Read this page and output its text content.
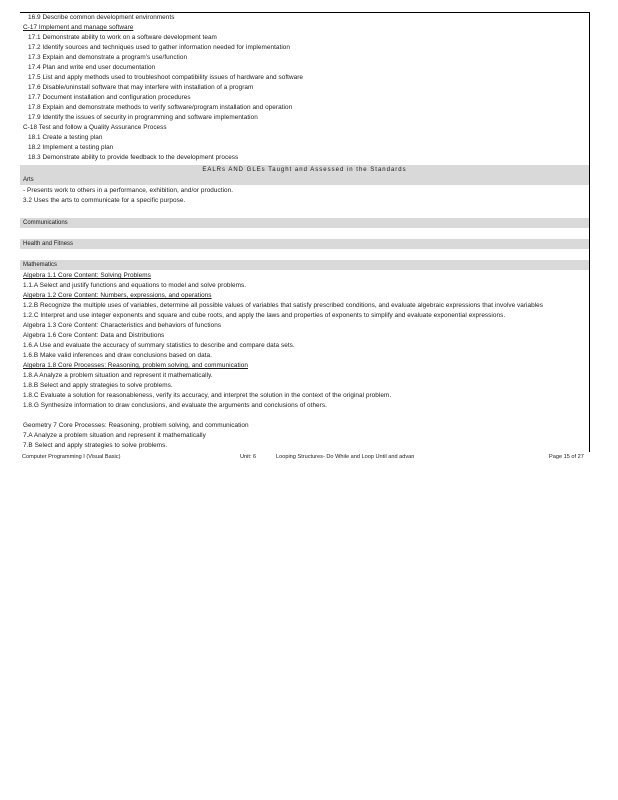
16.9 Describe common development environments
C-17 Implement and manage software
17.1 Demonstrate ability to work on a software development team
17.2 Identify sources and techniques used to gather information needed for implementation
17.3 Explain and demonstrate a program's use/function
17.4 Plan and write end user documentation
17.5 List and apply methods used to troubleshoot compatibility issues of hardware and software
17.6 Disable/uninstall software that may interfere with installation of a program
17.7 Document installation and configuration procedures
17.8 Explain and demonstrate methods to verify software/program installation and operation
17.9 Identify the issues of security in programming and software implementation
C-18 Test and follow a Quality Assurance Process
18.1 Create a testing plan
18.2 Implement a testing plan
18.3 Demonstrate ability to provide feedback to the development process
EALRs AND GLEs Taught and Assessed in the Standards
Arts
- Presents work to others in a performance, exhibition, and/or production.
3.2 Uses the arts to communicate for a specific purpose.
Communications
Health and Fitness
Mathematics
Algebra 1.1 Core Content: Solving Problems
1.1.A Select and justify functions and equations to model and solve problems.
Algebra 1.2 Core Content: Numbers, expressions, and operations
1.2.B Recognize the multiple uses of variables, determine all possible values of variables that satisfy prescribed conditions, and evaluate algebraic expressions that involve variables
1.2.C Interpret and use integer exponents and square and cube roots, and apply the laws and properties of exponents to simplify and evaluate exponential expressions.
Algebra 1.3 Core Content: Characteristics and behaviors of functions
Algebra 1.6 Core Content: Data and Distributions
1.6.A Use and evaluate the accuracy of summary statistics to describe and compare data sets.
1.6.B Make valid inferences and draw conclusions based on data.
Algebra 1.8 Core Processes: Reasoning, problem solving, and communication
1.8.A Analyze a problem situation and represent it mathematically.
1.8.B Select and apply strategies to solve problems.
1.8.C Evaluate a solution for reasonableness, verify its accuracy, and interpret the solution in the context of the original problem.
1.8.G Synthesize information to draw conclusions, and evaluate the arguments and conclusions of others.
Geometry 7 Core Processes: Reasoning, problem solving, and communication
7.A Analyze a problem situation and represent it mathematically
7.B Select and apply strategies to solve problems.
Computer Programming I (Visual Basic)	Unit: 6	Looping Structures- Do While and Loop Until and advan	Page 15 of 27
